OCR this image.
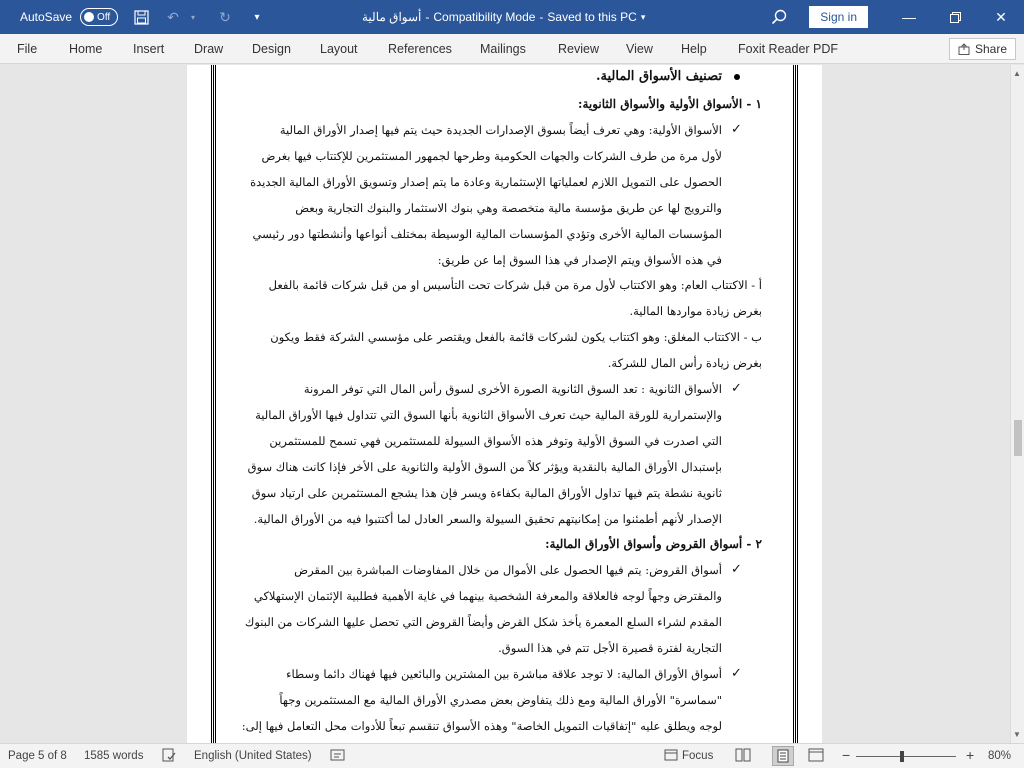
AutoSave	Off	↶	▾	↻	▾	أسواق مالية - Compatibility Mode - Saved to this PC ▾	Sign in	—	✕
File	Home Insert Draw Design Layout References Mailings	Review View Help	Foxit Reader PDF	Share
تصنيف الأسواق المالية.
١ - الأسواق الأولية والأسواق الثانوية:
✓
الأسواق الأولية: وهي تعرف أيضاً بسوق الإصدارات الجديدة حيث يتم فيها إصدار الأوراق المالية
لأول مرة من طرف الشركات والجهات الحكومية وطرحها لجمهور المستثمرين للإكتتاب فيها بغرض
الحصول على التمويل اللازم لعملياتها الإستثمارية وعادة ما يتم إصدار وتسويق الأوراق المالية الجديدة
والترويج لها عن طريق مؤسسة مالية متخصصة وهي بنوك الاستثمار والبنوك التجارية وبعض
المؤسسات المالية الأخرى وتؤدي المؤسسات المالية الوسيطة بمختلف أنواعها وأنشطتها دور رئيسي
في هذه الأسواق ويتم الإصدار في هذا السوق إما عن طريق:
أ - الاكتتاب العام: وهو الاكتتاب لأول مرة من قبل شركات تحت التأسيس او من قبل شركات قائمة بالفعل
بغرض زيادة مواردها المالية.
ب - الاكتتاب المغلق: وهو اكتتاب يكون لشركات قائمة بالفعل ويقتصر على مؤسسي الشركة فقط ويكون
بغرض زيادة رأس المال للشركة.
✓
الأسواق الثانوية : تعد السوق الثانوية الصورة الأخرى لسوق رأس المال التي توفر المرونة
والإستمرارية للورقة المالية حيث تعرف الأسواق الثانوية بأنها السوق التي تتداول فيها الأوراق المالية
التي اصدرت في السوق الأولية وتوفر هذه الأسواق السيولة للمستثمرين فهي تسمح للمستثمرين
بإستبدال الأوراق المالية بالنقدية ويؤثر كلاً من السوق الأولية والثانوية على الأخر فإذا كانت هناك سوق
ثانوية نشطة يتم فيها تداول الأوراق المالية بكفاءة ويسر فإن هذا يشجع المستثمرين على ارتياد سوق
الإصدار لأنهم أطمئنوا من إمكانيتهم تحقيق السيولة والسعر العادل لما أكتتبوا فيه من الأوراق المالية.
٢ - أسواق القروض وأسواق الأوراق المالية:
✓
أسواق القروض: يتم فيها الحصول على الأموال من خلال المفاوضات المباشرة بين المقرض
والمقترض وجهاً لوجه فالعلاقة والمعرفة الشخصية بينهما في غاية الأهمية فطلبية الإئتمان الإستهلاكي
المقدم لشراء السلع المعمرة يأخذ شكل القرض وأيضاً القروض التي تحصل عليها الشركات من البنوك
التجارية لفترة قصيرة الأجل تتم في هذا السوق.
✓
أسواق الأوراق المالية: لا توجد علاقة مباشرة بين المشترين والبائعين فيها فهناك دائما وسطاء
"سماسرة" الأوراق المالية ومع ذلك يتفاوض بعض مصدري الأوراق المالية مع المستثمرين وجهاً
لوجه ويطلق عليه "إتفاقيات التمويل الخاصة" وهذه الأسواق تنقسم تبعاً للأدوات محل التعامل فيها إلى:
▲
▼
Page 5 of 8 1585 words	English (United States)	Focus	−	+ 80%
